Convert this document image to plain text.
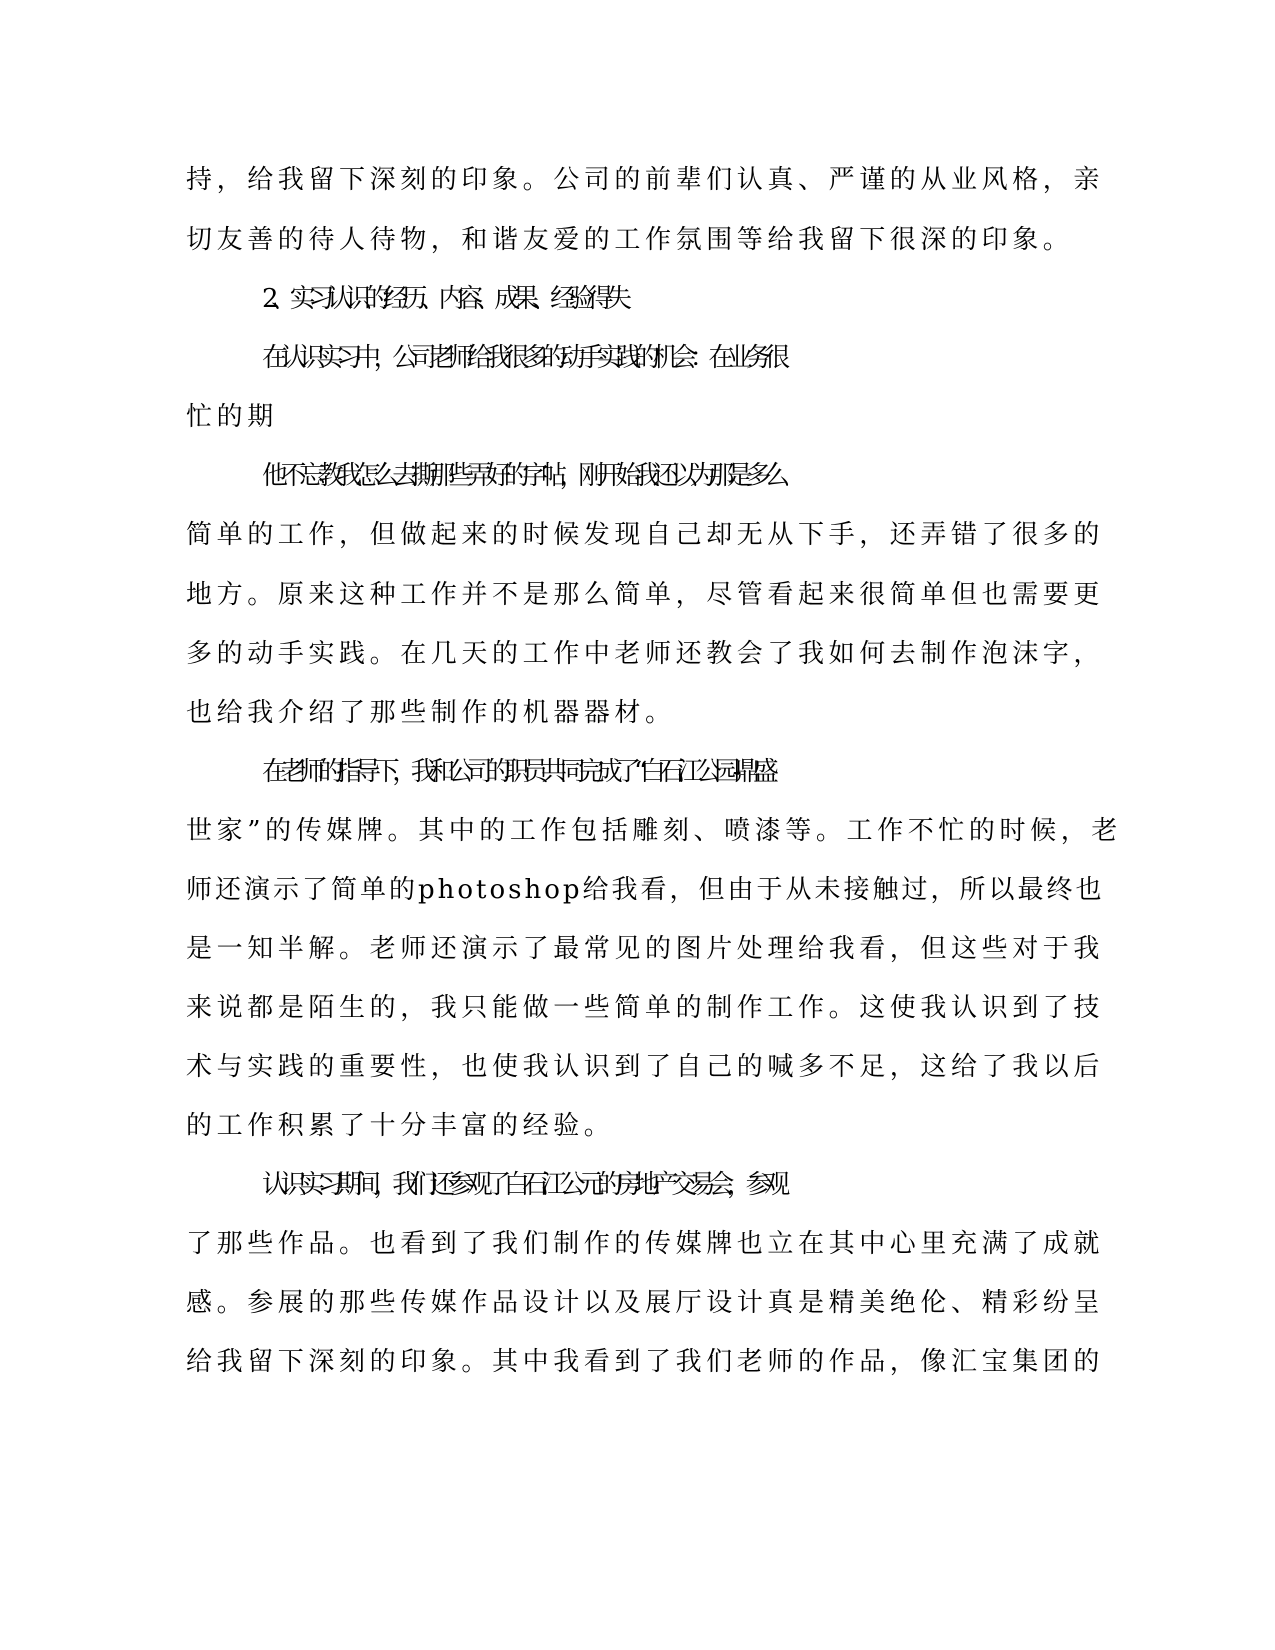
持，给我留下深刻的印象。公司的前辈们认真、严谨的从业风格，亲
切友善的待人待物，和谐友爱的工作氛围等给我留下很深的印象。
2、实习认识的经历、内容、成果、经验得失
在认识实习中，公司老师给我很多的动手实践的机会：在业务很
忙的期
他不忘教我怎么去撕那些弄好的字帖，刚开始我还以为那是多么
简单的工作，但做起来的时候发现自己却无从下手，还弄错了很多的
地方。原来这种工作并不是那么简单，尽管看起来很简单但也需要更
多的动手实践。在几天的工作中老师还教会了我如何去制作泡沫字，
也给我介绍了那些制作的机器器材。
在老师的指导下，我和公司的职员共同完成了“白石江公园-鼎盛
世家”的传媒牌。其中的工作包括雕刻、喷漆等。工作不忙的时候，老
师还演示了简单的photoshop给我看，但由于从未接触过，所以最终也
是一知半解。老师还演示了最常见的图片处理给我看，但这些对于我
来说都是陌生的，我只能做一些简单的制作工作。这使我认识到了技
术与实践的重要性，也使我认识到了自己的喊多不足，这给了我以后
的工作积累了十分丰富的经验。
认识实习期间，我们还参观了白石江公元的房地产交易会，参观
了那些作品。也看到了我们制作的传媒牌也立在其中心里充满了成就
感。参展的那些传媒作品设计以及展厅设计真是精美绝伦、精彩纷呈
给我留下深刻的印象。其中我看到了我们老师的作品，像汇宝集团的
